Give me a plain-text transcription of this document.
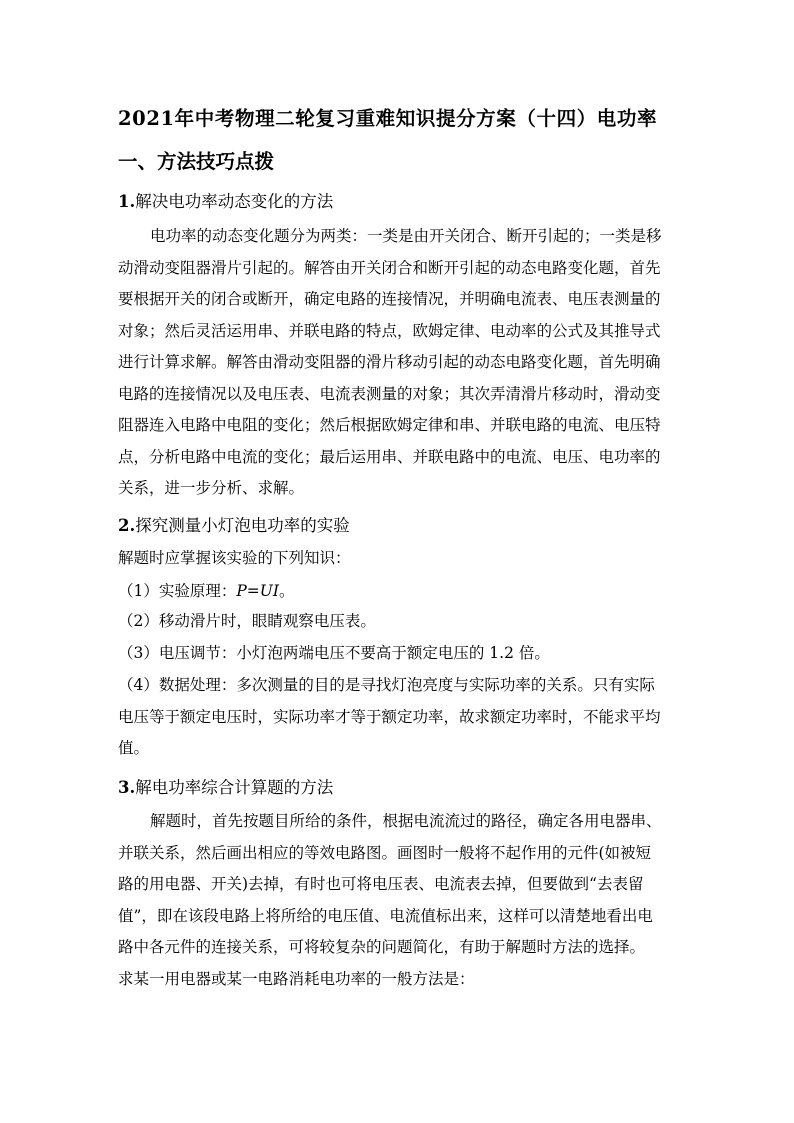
2021年中考物理二轮复习重难知识提分方案（十四）电功率
一、方法技巧点拨
1.解决电功率动态变化的方法
电功率的动态变化题分为两类：一类是由开关闭合、断开引起的；一类是移
动滑动变阻器滑片引起的。解答由开关闭合和断开引起的动态电路变化题，首先
要根据开关的闭合或断开，确定电路的连接情况，并明确电流表、电压表测量的
对象；然后灵活运用串、并联电路的特点，欧姆定律、电动率的公式及其推导式
进行计算求解。解答由滑动变阻器的滑片移动引起的动态电路变化题，首先明确
电路的连接情况以及电压表、电流表测量的对象；其次弄清滑片移动时，滑动变
阻器连入电路中电阻的变化；然后根据欧姆定律和串、并联电路的电流、电压特
点，分析电路中电流的变化；最后运用串、并联电路中的电流、电压、电功率的
关系，进一步分析、求解。
2.探究测量小灯泡电功率的实验
解题时应掌握该实验的下列知识：
（1）实验原理：P=UI。
（2）移动滑片时，眼睛观察电压表。
（3）电压调节：小灯泡两端电压不要高于额定电压的 1.2 倍。
（4）数据处理：多次测量的目的是寻找灯泡亮度与实际功率的关系。只有实际
电压等于额定电压时，实际功率才等于额定功率，故求额定功率时，不能求平均
值。
3.解电功率综合计算题的方法
解题时，首先按题目所给的条件，根据电流流过的路径，确定各用电器串、
并联关系，然后画出相应的等效电路图。画图时一般将不起作用的元件(如被短
路的用电器、开关)去掉，有时也可将电压表、电流表去掉，但要做到“去表留
值”，即在该段电路上将所给的电压值、电流值标出来，这样可以清楚地看出电
路中各元件的连接关系，可将较复杂的问题简化，有助于解题时方法的选择。
求某一用电器或某一电路消耗电功率的一般方法是：
